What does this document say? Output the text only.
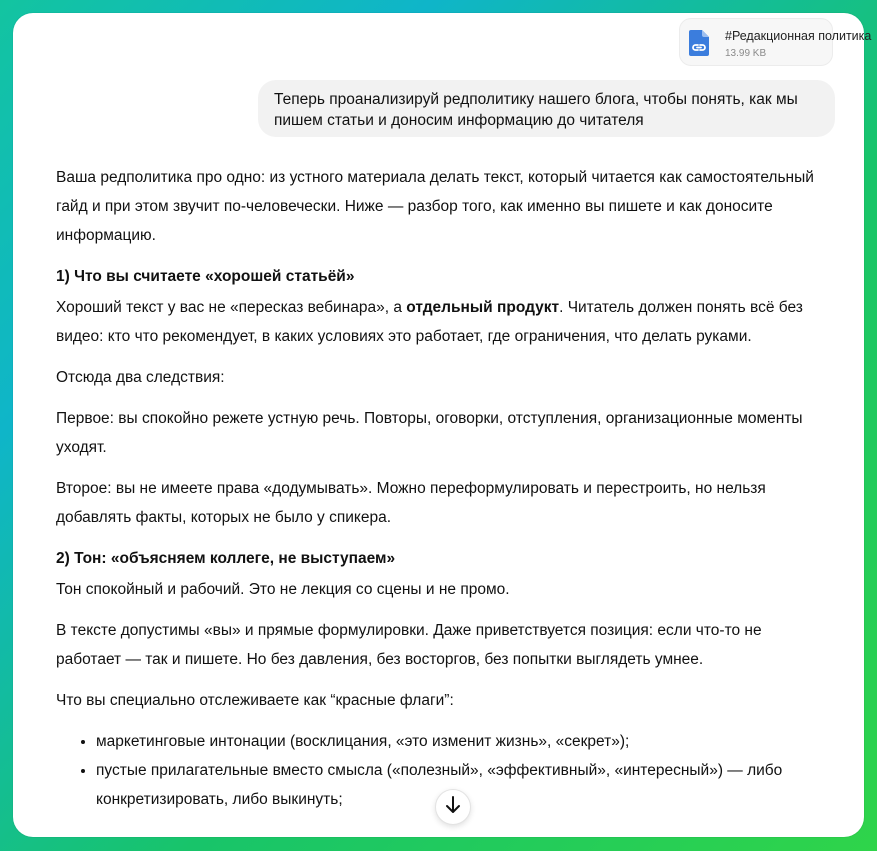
#Редакционная политика
13.99 KB
Теперь проанализируй редполитику нашего блога, чтобы понять, как мы пишем статьи и доносим информацию до читателя

Ваша редполитика про одно: из устного материала делать текст, который читается как самостоятельный гайд и при этом звучит по-человечески. Ниже — разбор того, как именно вы пишете и как доносите информацию.

1) Что вы считаете «хорошей статьёй»

Хороший текст у вас не «пересказ вебинара», а отдельный продукт. Читатель должен понять всё без видео: кто что рекомендует, в каких условиях это работает, где ограничения, что делать руками.

Отсюда два следствия:

Первое: вы спокойно режете устную речь. Повторы, оговорки, отступления, организационные моменты уходят.

Второе: вы не имеете права «додумывать». Можно переформулировать и перестроить, но нельзя добавлять факты, которых не было у спикера.

2) Тон: «объясняем коллеге, не выступаем»

Тон спокойный и рабочий. Это не лекция со сцены и не промо.

В тексте допустимы «вы» и прямые формулировки. Даже приветствуется позиция: если что-то не работает — так и пишете. Но без давления, без восторгов, без попытки выглядеть умнее.

Что вы специально отслеживаете как “красные флаги”:

• маркетинговые интонации (восклицания, «это изменит жизнь», «секрет»);
• пустые прилагательные вместо смысла («полезный», «эффективный», «интересный») — либо конкретизировать, либо выкинуть;
